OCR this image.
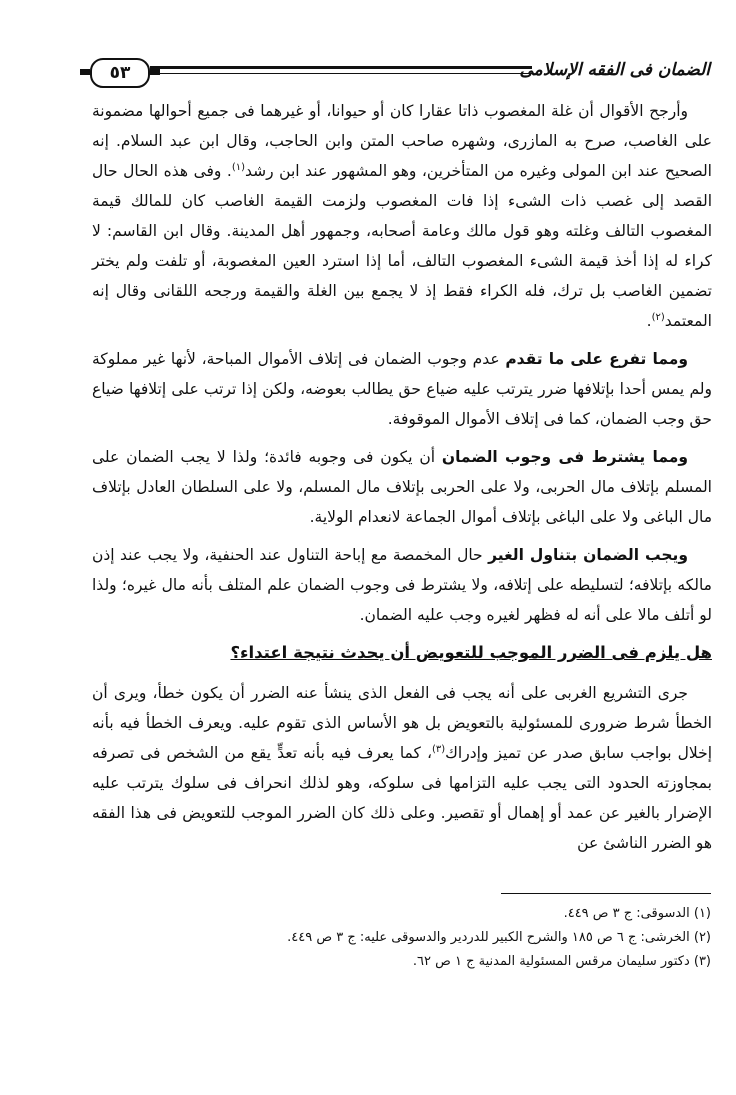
الضمان فى الفقه الإسلامى
٥٣

وأرجح الأقوال أن غلة المغصوب ذاتا عقارا كان أو حيوانا، أو غيرهما فى جميع أحوالها مضمونة على الغاصب، صرح به المازرى، وشهره صاحب المتن وابن الحاجب، وقال ابن عبد السلام. إنه الصحيح عند ابن المولى وغيره من المتأخرين، وهو المشهور عند ابن رشد$^{(١)}$. وفى هذه الحال حال القصد إلى غصب ذات الشىء إذا فات المغصوب ولزمت القيمة الغاصب كان للمالك قيمة المغصوب التالف وغلته وهو قول مالك وعامة أصحابه، وجمهور أهل المدينة. وقال ابن القاسم: لا كراء له إذا أخذ قيمة الشىء المغصوب التالف، أما إذا استرد العين المغصوبة، أو تلفت ولم يختر تضمين الغاصب بل ترك، فله الكراء فقط إذ لا يجمع بين الغلة والقيمة ورجحه اللقانى وقال إنه المعتمد$^{(٢)}$.

ومما تفرع على ما تقدم عدم وجوب الضمان فى إتلاف الأموال المباحة، لأنها غير مملوكة ولم يمس أحدا بإتلافها ضرر يترتب عليه ضياع حق يطالب بعوضه، ولكن إذا ترتب على إتلافها ضياع حق وجب الضمان، كما فى إتلاف الأموال الموقوفة.

ومما يشترط فى وجوب الضمان أن يكون فى وجوبه فائدة؛ ولذا لا يجب الضمان على المسلم بإتلاف مال الحربى، ولا على الحربى بإتلاف مال المسلم، ولا على السلطان العادل بإتلاف مال الباغى ولا على الباغى بإتلاف أموال الجماعة لانعدام الولاية.

ويجب الضمان بتناول الغير حال المخمصة مع إباحة التناول عند الحنفية، ولا يجب عند إذن مالكه بإتلافه؛ لتسليطه على إتلافه، ولا يشترط فى وجوب الضمان علم المتلف بأنه مال غيره؛ ولذا لو أتلف مالا على أنه له فظهر لغيره وجب عليه الضمان.

هل يلزم فى الضرر الموجب للتعويض أن يحدث نتيجة اعتداء؟

جرى التشريع الغربى على أنه يجب فى الفعل الذى ينشأ عنه الضرر أن يكون خطأ، ويرى أن الخطأ شرط ضرورى للمسئولية بالتعويض بل هو الأساس الذى تقوم عليه. ويعرف الخطأ فيه بأنه إخلال بواجب سابق صدر عن تميز وإدراك$^{(٣)}$، كما يعرف فيه بأنه تعدٍّ يقع من الشخص فى تصرفه بمجاوزته الحدود التى يجب عليه التزامها فى سلوكه، وهو لذلك انحراف فى سلوك يترتب عليه الإضرار بالغير عن عمد أو إهمال أو تقصير. وعلى ذلك كان الضرر الموجب للتعويض فى هذا الفقه هو الضرر الناشئ عن

(١) الدسوقى: ج ٣ ص ٤٤٩.

(٢) الخرشى: ج ٦ ص ١٨٥ والشرح الكبير للدردير والدسوقى عليه: ج ٣ ص ٤٤٩.

(٣) دكتور سليمان مرقس المسئولية المدنية ج ١ ص ٦٢.
